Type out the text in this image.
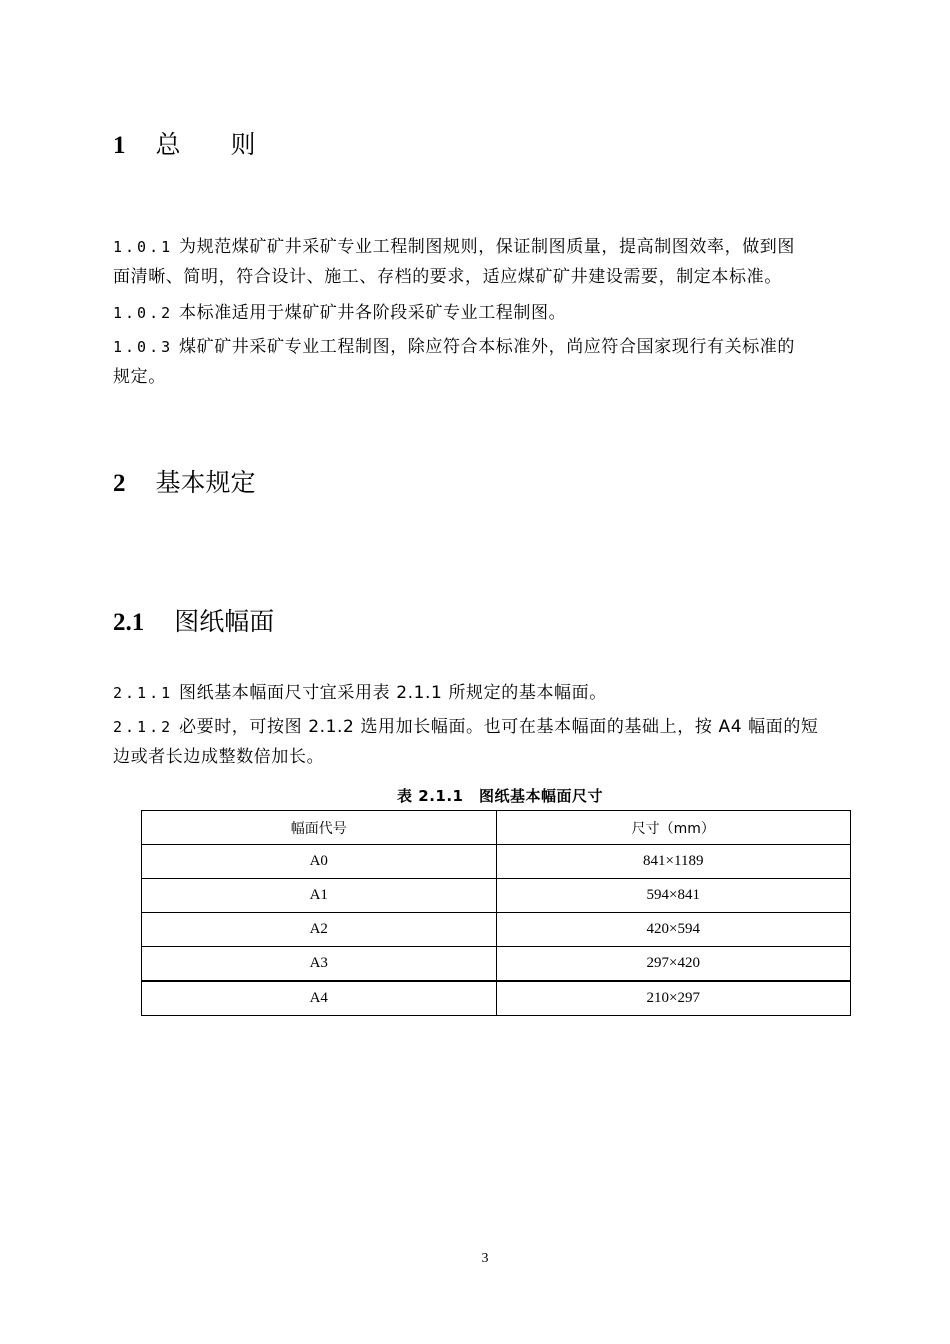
1 总　　则
1.0.1 为规范煤矿矿井采矿专业工程制图规则，保证制图质量，提高制图效率，做到图
面清晰、简明，符合设计、施工、存档的要求，适应煤矿矿井建设需要，制定本标准。
1.0.2 本标准适用于煤矿矿井各阶段采矿专业工程制图。
1.0.3 煤矿矿井采矿专业工程制图，除应符合本标准外，尚应符合国家现行有关标准的
规定。
2 基本规定
2.1 图纸幅面
2.1.1 图纸基本幅面尺寸宜采用表 2.1.1 所规定的基本幅面。
2.1.2 必要时，可按图 2.1.2 选用加长幅面。也可在基本幅面的基础上，按 A4 幅面的短
边或者长边成整数倍加长。
表 2.1.1　图纸基本幅面尺寸
幅面代号	尺寸（mm）
A0	841×1189
A1	594×841
A2	420×594
A3	297×420
A4	210×297
3
